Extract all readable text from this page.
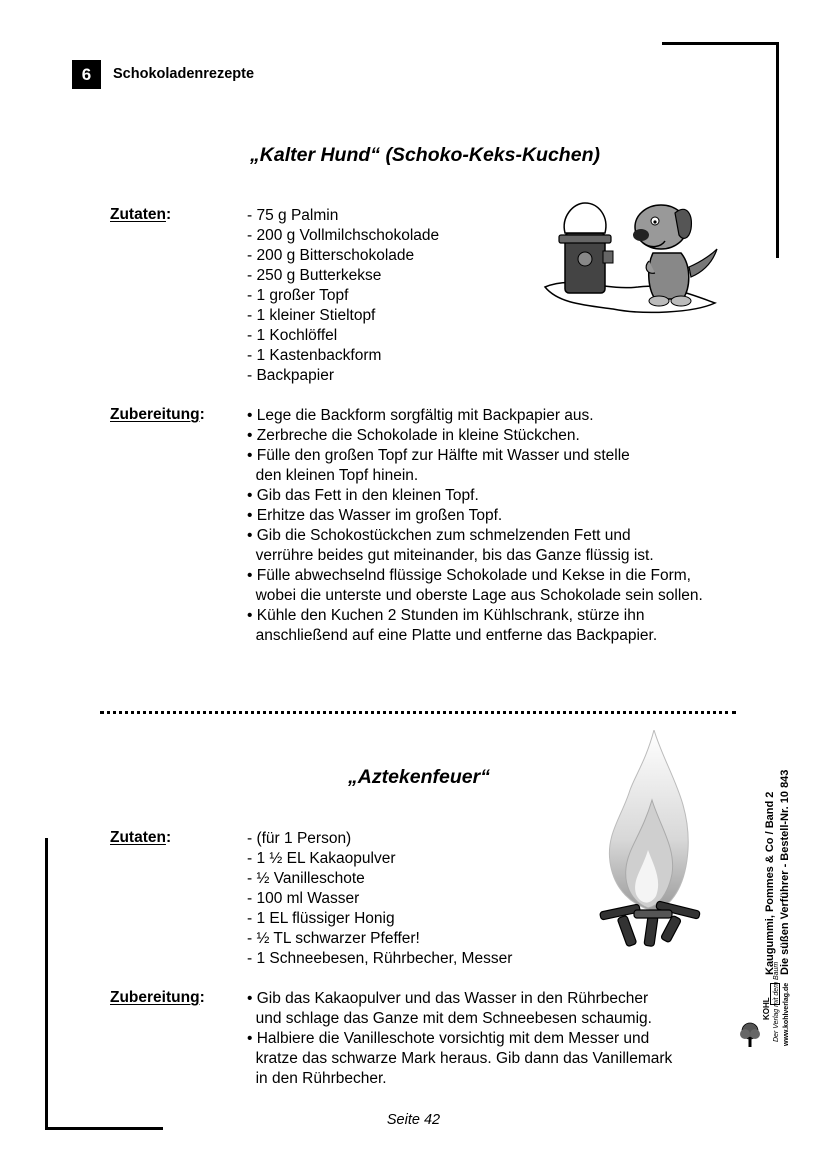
6	Schokoladenrezepte
„Kalter Hund“ (Schoko-Keks-Kuchen)
Zutaten:	- 75 g Palmin
- 200 g Vollmilchschokolade
- 200 g Bitterschokolade
- 250 g Butterkekse
- 1 großer Topf
- 1 kleiner Stieltopf
- 1 Kochlöffel
- 1 Kastenbackform
- Backpapier
Zubereitung:	• Lege die Backform sorgfältig mit Backpapier aus.
• Zerbreche die Schokolade in kleine Stückchen.
• Fülle den großen Topf zur Hälfte mit Wasser und stelle
den kleinen Topf hinein.
• Gib das Fett in den kleinen Topf.
• Erhitze das Wasser im großen Topf.
• Gib die Schokostückchen zum schmelzenden Fett und
verrühre beides gut miteinander, bis das Ganze flüssig ist.
• Fülle abwechselnd flüssige Schokolade und Kekse in die Form,
wobei die unterste und oberste Lage aus Schokolade sein sollen.
• Kühle den Kuchen 2 Stunden im Kühlschrank, stürze ihn
anschließend auf eine Platte und entferne das Backpapier.
„Aztekenfeuer“
Zutaten:	- (für 1 Person)
- 1 ½ EL Kakaopulver
- ½ Vanilleschote
- 100 ml Wasser
- 1 EL flüssiger Honig
- ½ TL schwarzer Pfeffer!
- 1 Schneebesen, Rührbecher, Messer
Zubereitung:	• Gib das Kakaopulver und das Wasser in den Rührbecher
und schlage das Ganze mit dem Schneebesen schaumig.
• Halbiere die Vanilleschote vorsichtig mit dem Messer und
kratze das schwarze Mark heraus. Gib dann das Vanillemark
in den Rührbecher.
Kaugummi, Pommes & Co / Band 2 Die süßen Verführer - Bestell-Nr. 10 843
KOHL Der Verlag mit dem Baum www.kohlverlag.de
Seite 42
